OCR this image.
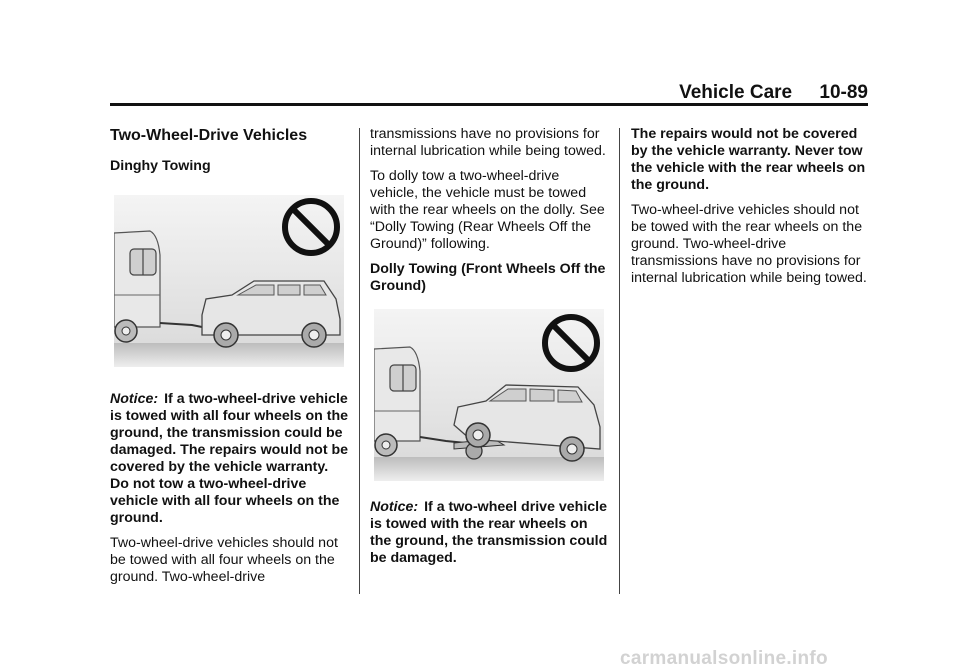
Vehicle Care 10-89
Two-Wheel-Drive Vehicles
Dinghy Towing
Notice: If a two-wheel-drive vehicle is towed with all four wheels on the ground, the transmission could be damaged. The repairs would not be covered by the vehicle warranty. Do not tow a two-wheel-drive vehicle with all four wheels on the ground.
Two-wheel-drive vehicles should not be towed with all four wheels on the ground. Two-wheel-drive
transmissions have no provisions for internal lubrication while being towed.
To dolly tow a two-wheel-drive vehicle, the vehicle must be towed with the rear wheels on the dolly. See “Dolly Towing (Rear Wheels Off the Ground)” following.
Dolly Towing (Front Wheels Off the Ground)
Notice: If a two-wheel drive vehicle is towed with the rear wheels on the ground, the transmission could be damaged.
The repairs would not be covered by the vehicle warranty. Never tow the vehicle with the rear wheels on the ground.
Two-wheel-drive vehicles should not be towed with the rear wheels on the ground. Two-wheel-drive transmissions have no provisions for internal lubrication while being towed.
carmanualsonline.info
